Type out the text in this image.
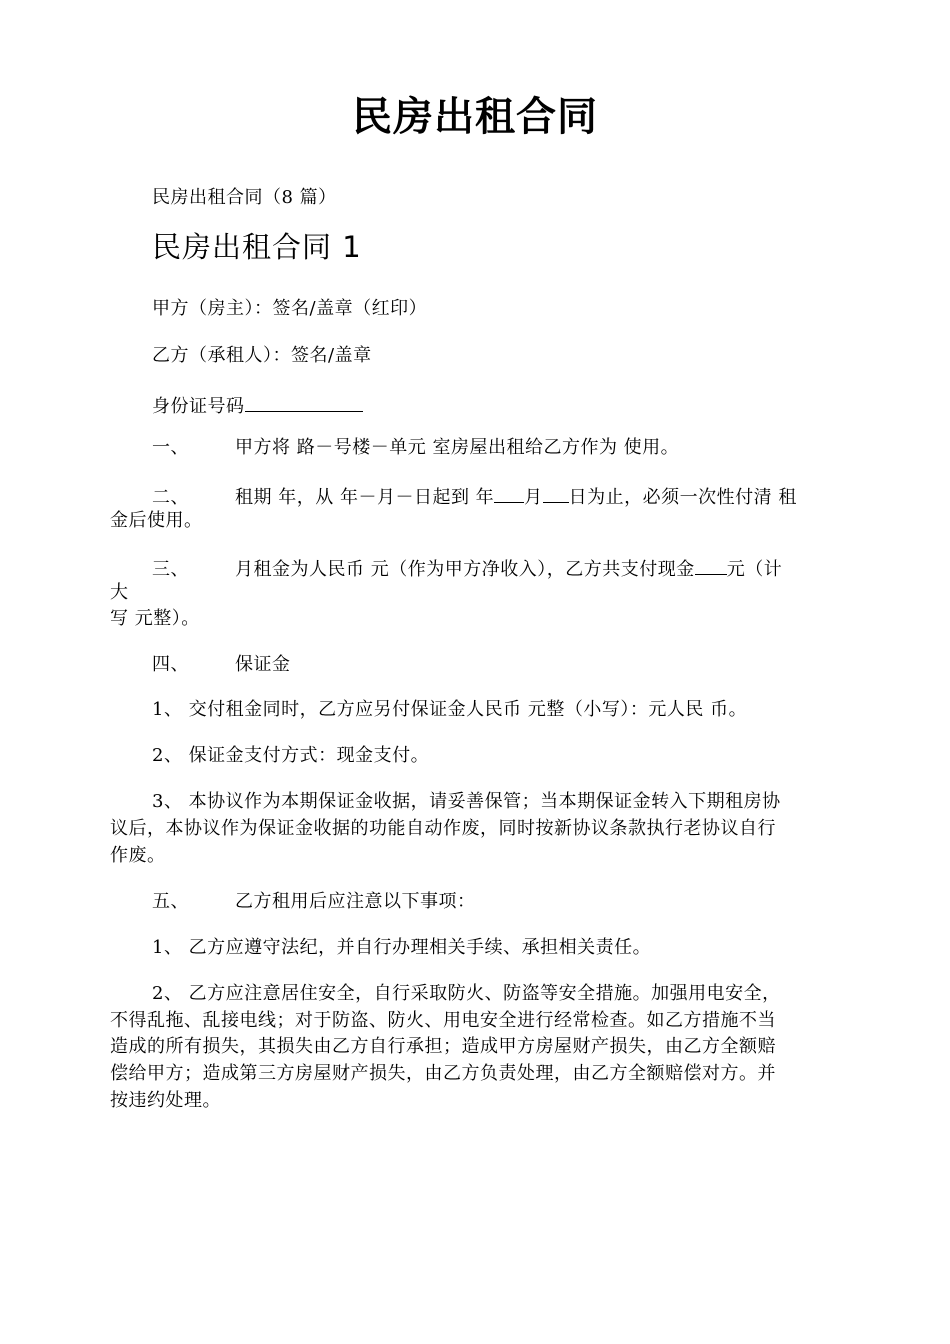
民房出租合同
民房出租合同（8 篇）
民房出租合同 1
甲方（房主）：签名/盖章（红印）
乙方（承租人）：签名/盖章
身份证号码
一、	甲方将 路－号楼－单元 室房屋出租给乙方作为 使用。
二、	租期 年，从 年－月－日起到 年 月 日为止，必须一次性付清 租
金后使用。
三、	月租金为人民币 元（作为甲方净收入），乙方共支付现金 元（计
大
写 元整）。
四、	保证金
1、 交付租金同时，乙方应另付保证金人民币 元整（小写）：元人民 币。
2、 保证金支付方式：现金支付。
3、 本协议作为本期保证金收据，请妥善保管；当本期保证金转入下期租房协
议后，本协议作为保证金收据的功能自动作废，同时按新协议条款执行老协议自行
作废。
五、	乙方租用后应注意以下事项：
1、 乙方应遵守法纪，并自行办理相关手续、承担相关责任。
2、 乙方应注意居住安全，自行采取防火、防盗等安全措施。加强用电安全，
不得乱拖、乱接电线；对于防盗、防火、用电安全进行经常检查。如乙方措施不当
造成的所有损失，其损失由乙方自行承担；造成甲方房屋财产损失，由乙方全额赔
偿给甲方；造成第三方房屋财产损失，由乙方负责处理，由乙方全额赔偿对方。并
按违约处理。
